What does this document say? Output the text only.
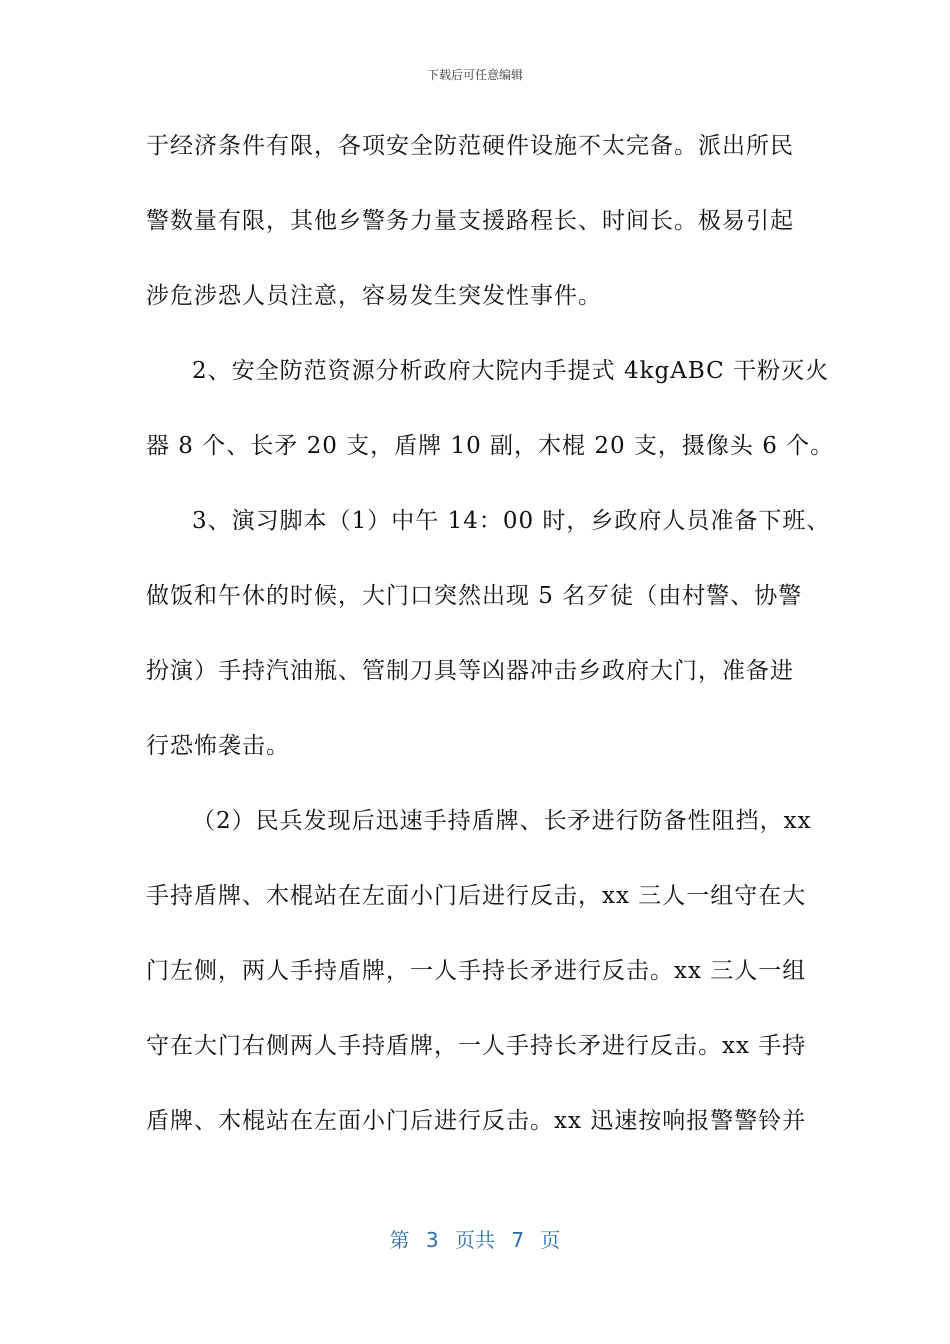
下载后可任意编辑
于经济条件有限，各项安全防范硬件设施不太完备。派出所民
警数量有限，其他乡警务力量支援路程长、时间长。极易引起
涉危涉恐人员注意，容易发生突发性事件。
2、安全防范资源分析政府大院内手提式 4kgABC 干粉灭火
器 8 个、长矛 20 支，盾牌 10 副，木棍 20 支，摄像头 6 个。
3、演习脚本（1）中午 14：00 时，乡政府人员准备下班、
做饭和午休的时候，大门口突然出现 5 名歹徒（由村警、协警
扮演）手持汽油瓶、管制刀具等凶器冲击乡政府大门，准备进
行恐怖袭击。
（2）民兵发现后迅速手持盾牌、长矛进行防备性阻挡，xx
手持盾牌、木棍站在左面小门后进行反击，xx 三人一组守在大
门左侧，两人手持盾牌，一人手持长矛进行反击。xx 三人一组
守在大门右侧两人手持盾牌，一人手持长矛进行反击。xx 手持
盾牌、木棍站在左面小门后进行反击。xx 迅速按响报警警铃并
第 3 页共 7 页
